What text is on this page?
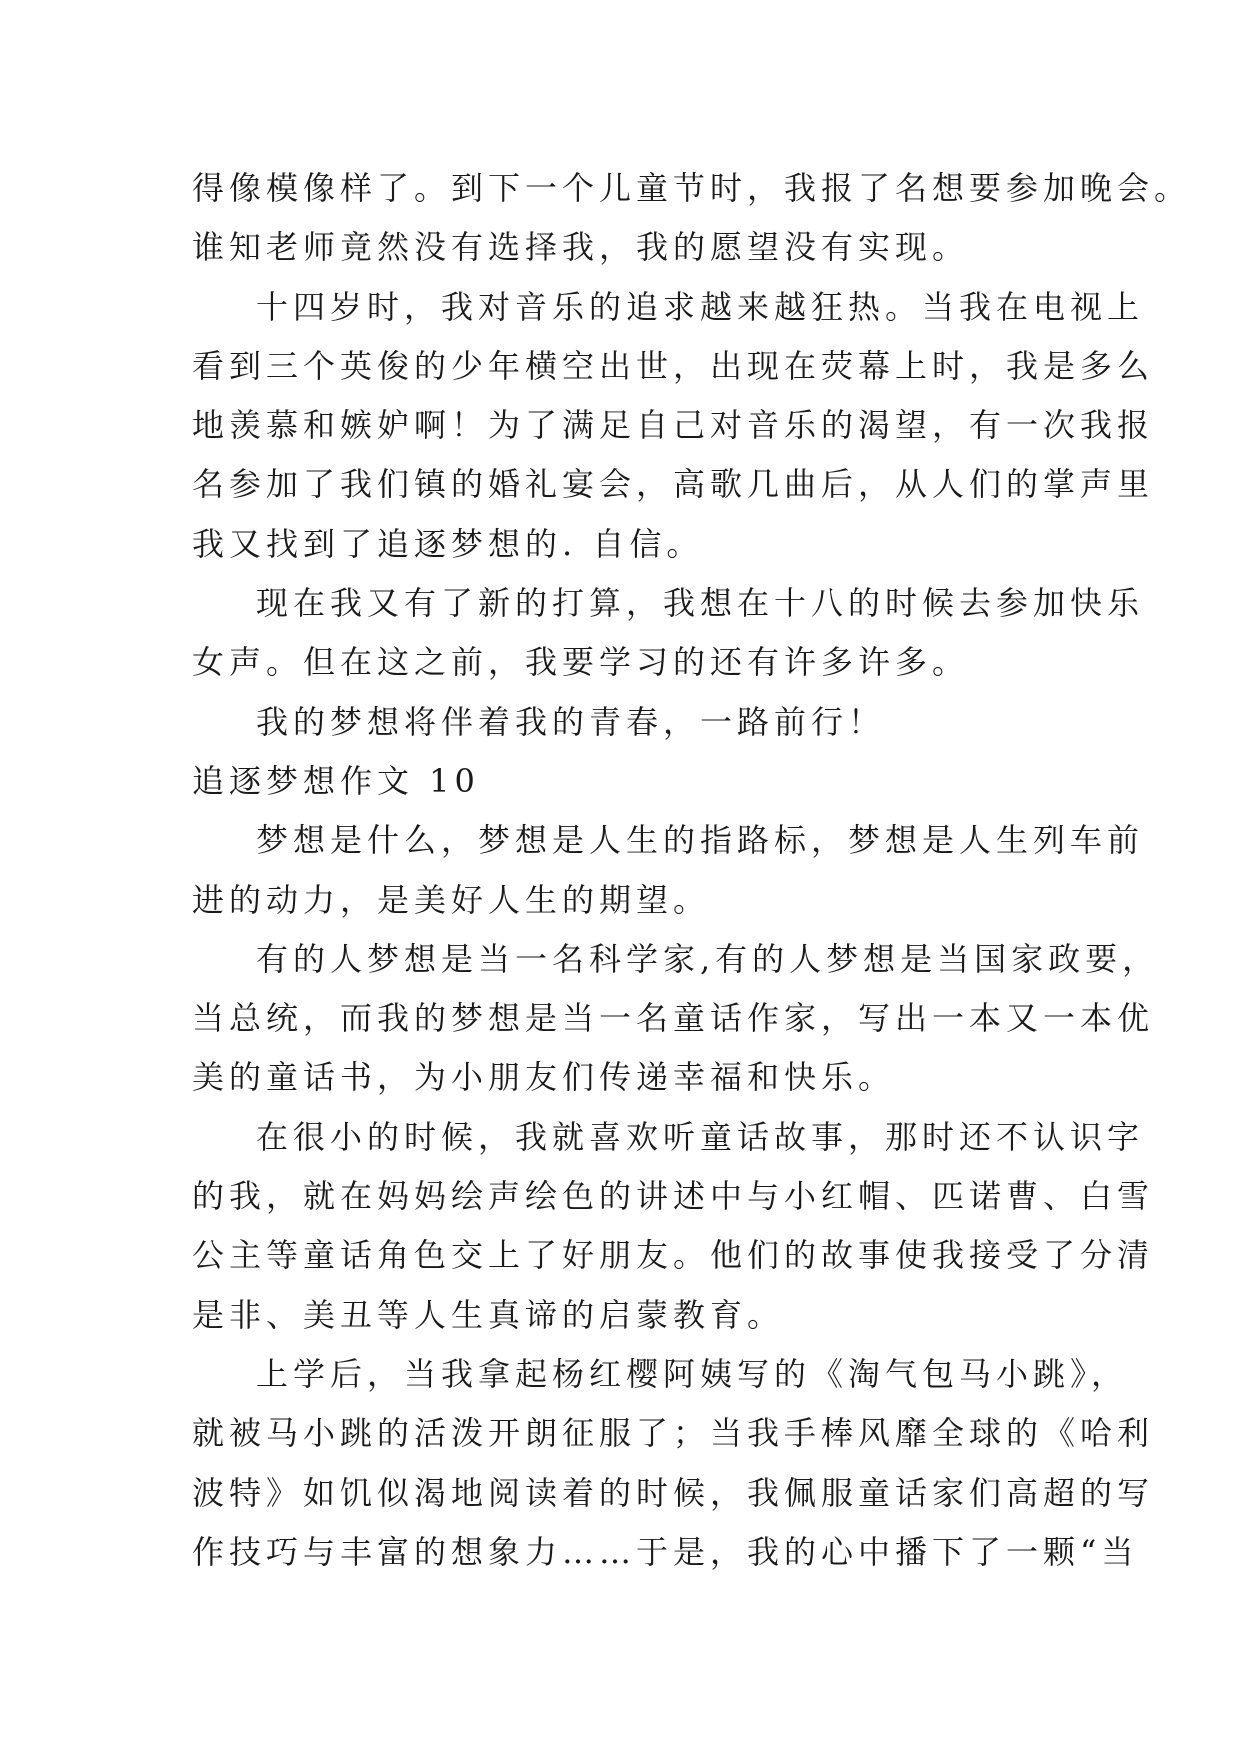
得像模像样了。到下一个儿童节时，我报了名想要参加晚会。
谁知老师竟然没有选择我，我的愿望没有实现。
十四岁时，我对音乐的追求越来越狂热。当我在电视上
看到三个英俊的少年横空出世，出现在荧幕上时，我是多么
地羡慕和嫉妒啊！为了满足自己对音乐的渴望，有一次我报
名参加了我们镇的婚礼宴会，高歌几曲后，从人们的掌声里
我又找到了追逐梦想的. 自信。
现在我又有了新的打算，我想在十八的时候去参加快乐
女声。但在这之前，我要学习的还有许多许多。
我的梦想将伴着我的青春，一路前行！
追逐梦想作文 10
梦想是什么，梦想是人生的指路标，梦想是人生列车前
进的动力，是美好人生的期望。
有的人梦想是当一名科学家,有的人梦想是当国家政要，
当总统，而我的梦想是当一名童话作家，写出一本又一本优
美的童话书，为小朋友们传递幸福和快乐。
在很小的时候，我就喜欢听童话故事，那时还不认识字
的我，就在妈妈绘声绘色的讲述中与小红帽、匹诺曹、白雪
公主等童话角色交上了好朋友。他们的故事使我接受了分清
是非、美丑等人生真谛的启蒙教育。
上学后，当我拿起杨红樱阿姨写的《淘气包马小跳》，
就被马小跳的活泼开朗征服了；当我手棒风靡全球的《哈利
波特》如饥似渴地阅读着的时候，我佩服童话家们高超的写
作技巧与丰富的想象力……于是，我的心中播下了一颗“当
